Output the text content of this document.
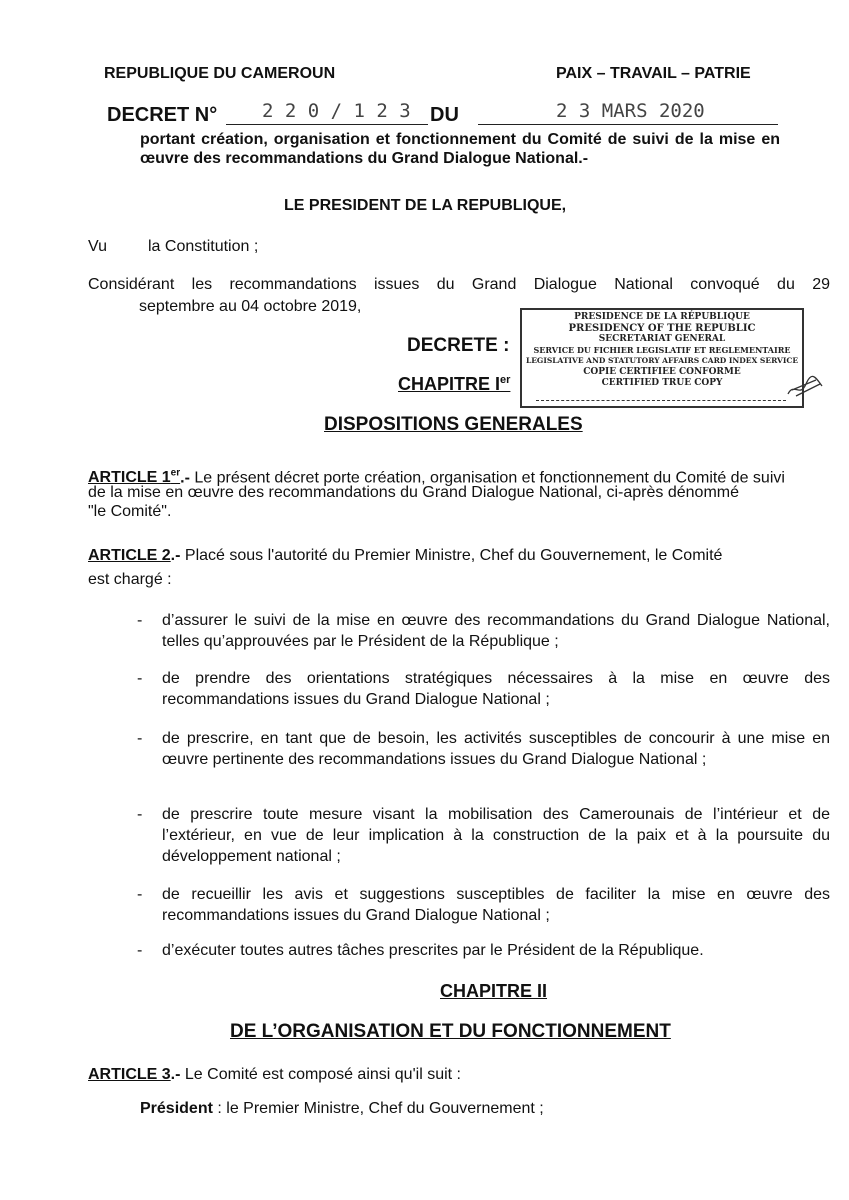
REPUBLIQUE DU CAMEROUN	PAIX – TRAVAIL – PATRIE
DECRET N° 2 2 0 / 1 2 3 DU	2 3 MARS 2020
portant création, organisation et fonctionnement du Comité de suivi de la mise en œuvre des recommandations du Grand Dialogue National.-
LE PRESIDENT DE LA REPUBLIQUE,
Vu	la Constitution ;
Considérant les recommandations issues du Grand Dialogue National convoqué du 29
septembre au 04 octobre 2019,
DECRETE :
CHAPITRE Ier
PRESIDENCE DE LA RÉPUBLIQUE
PRESIDENCY OF THE REPUBLIC
SECRETARIAT GENERAL
SERVICE DU FICHIER LEGISLATIF ET REGLEMENTAIRE
LEGISLATIVE AND STATUTORY AFFAIRS CARD INDEX SERVICE
COPIE CERTIFIEE CONFORME
CERTIFIED TRUE COPY
DISPOSITIONS GENERALES
ARTICLE 1er.- Le présent décret porte création, organisation et fonctionnement du Comité de suivi
de la mise en œuvre des recommandations du Grand Dialogue National, ci-après dénommé
"le Comité".
ARTICLE 2.- Placé sous l'autorité du Premier Ministre, Chef du Gouvernement, le Comité
est chargé :
- d’assurer le suivi de la mise en œuvre des recommandations du Grand Dialogue National, telles qu’approuvées par le Président de la République ;
- de prendre des orientations stratégiques nécessaires à la mise en œuvre des recommandations issues du Grand Dialogue National ;
- de prescrire, en tant que de besoin, les activités susceptibles de concourir à une mise en œuvre pertinente des recommandations issues du Grand Dialogue National ;
- de prescrire toute mesure visant la mobilisation des Camerounais de l’intérieur et de l’extérieur, en vue de leur implication à la construction de la paix et à la poursuite du développement national ;
- de recueillir les avis et suggestions susceptibles de faciliter la mise en œuvre des recommandations issues du Grand Dialogue National ;
- d’exécuter toutes autres tâches prescrites par le Président de la République.
CHAPITRE II
DE L’ORGANISATION ET DU FONCTIONNEMENT
ARTICLE 3.- Le Comité est composé ainsi qu'il suit :
Président : le Premier Ministre, Chef du Gouvernement ;
